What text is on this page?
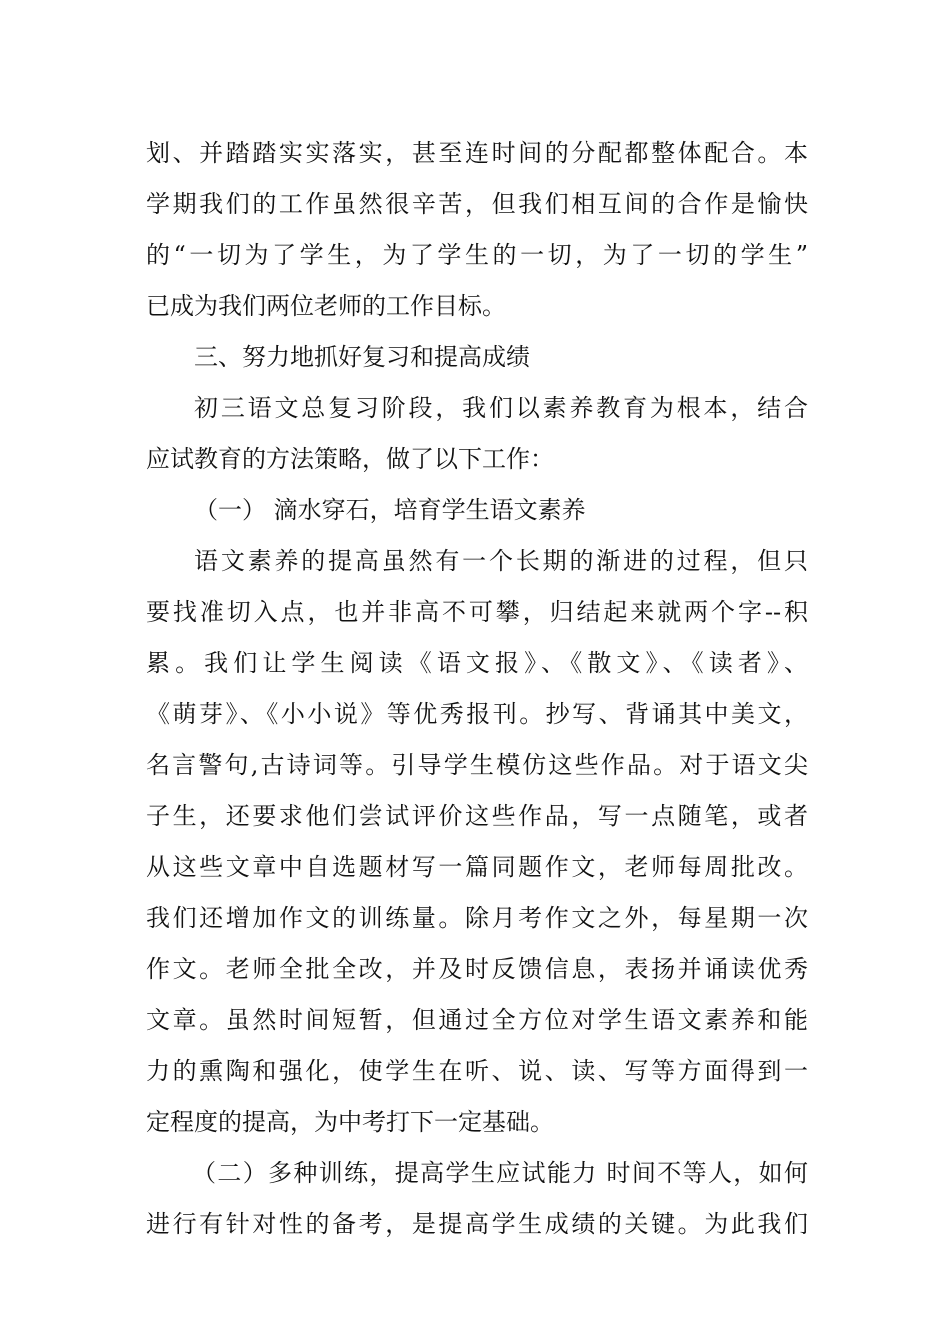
划、并踏踏实实落实，甚至连时间的分配都整体配合。本
学期我们的工作虽然很辛苦，但我们相互间的合作是愉快
的“一切为了学生，为了学生的一切，为了一切的学生”
已成为我们两位老师的工作目标。
三、努力地抓好复习和提高成绩
初三语文总复习阶段，我们以素养教育为根本，结合
应试教育的方法策略，做了以下工作：
（一） 滴水穿石，培育学生语文素养
语文素养的提高虽然有一个长期的渐进的过程，但只
要找准切入点，也并非高不可攀，归结起来就两个字--积
累。我们让学生阅读《语文报》、《散文》、《读者》、
《萌芽》、《小小说》等优秀报刊。抄写、背诵其中美文，
名言警句,古诗词等。引导学生模仿这些作品。对于语文尖
子生，还要求他们尝试评价这些作品，写一点随笔，或者
从这些文章中自选题材写一篇同题作文，老师每周批改。
我们还增加作文的训练量。除月考作文之外，每星期一次
作文。老师全批全改，并及时反馈信息，表扬并诵读优秀
文章。虽然时间短暂，但通过全方位对学生语文素养和能
力的熏陶和强化，使学生在听、说、读、写等方面得到一
定程度的提高，为中考打下一定基础。
（二）多种训练，提高学生应试能力 时间不等人，如何
进行有针对性的备考，是提高学生成绩的关键。为此我们
